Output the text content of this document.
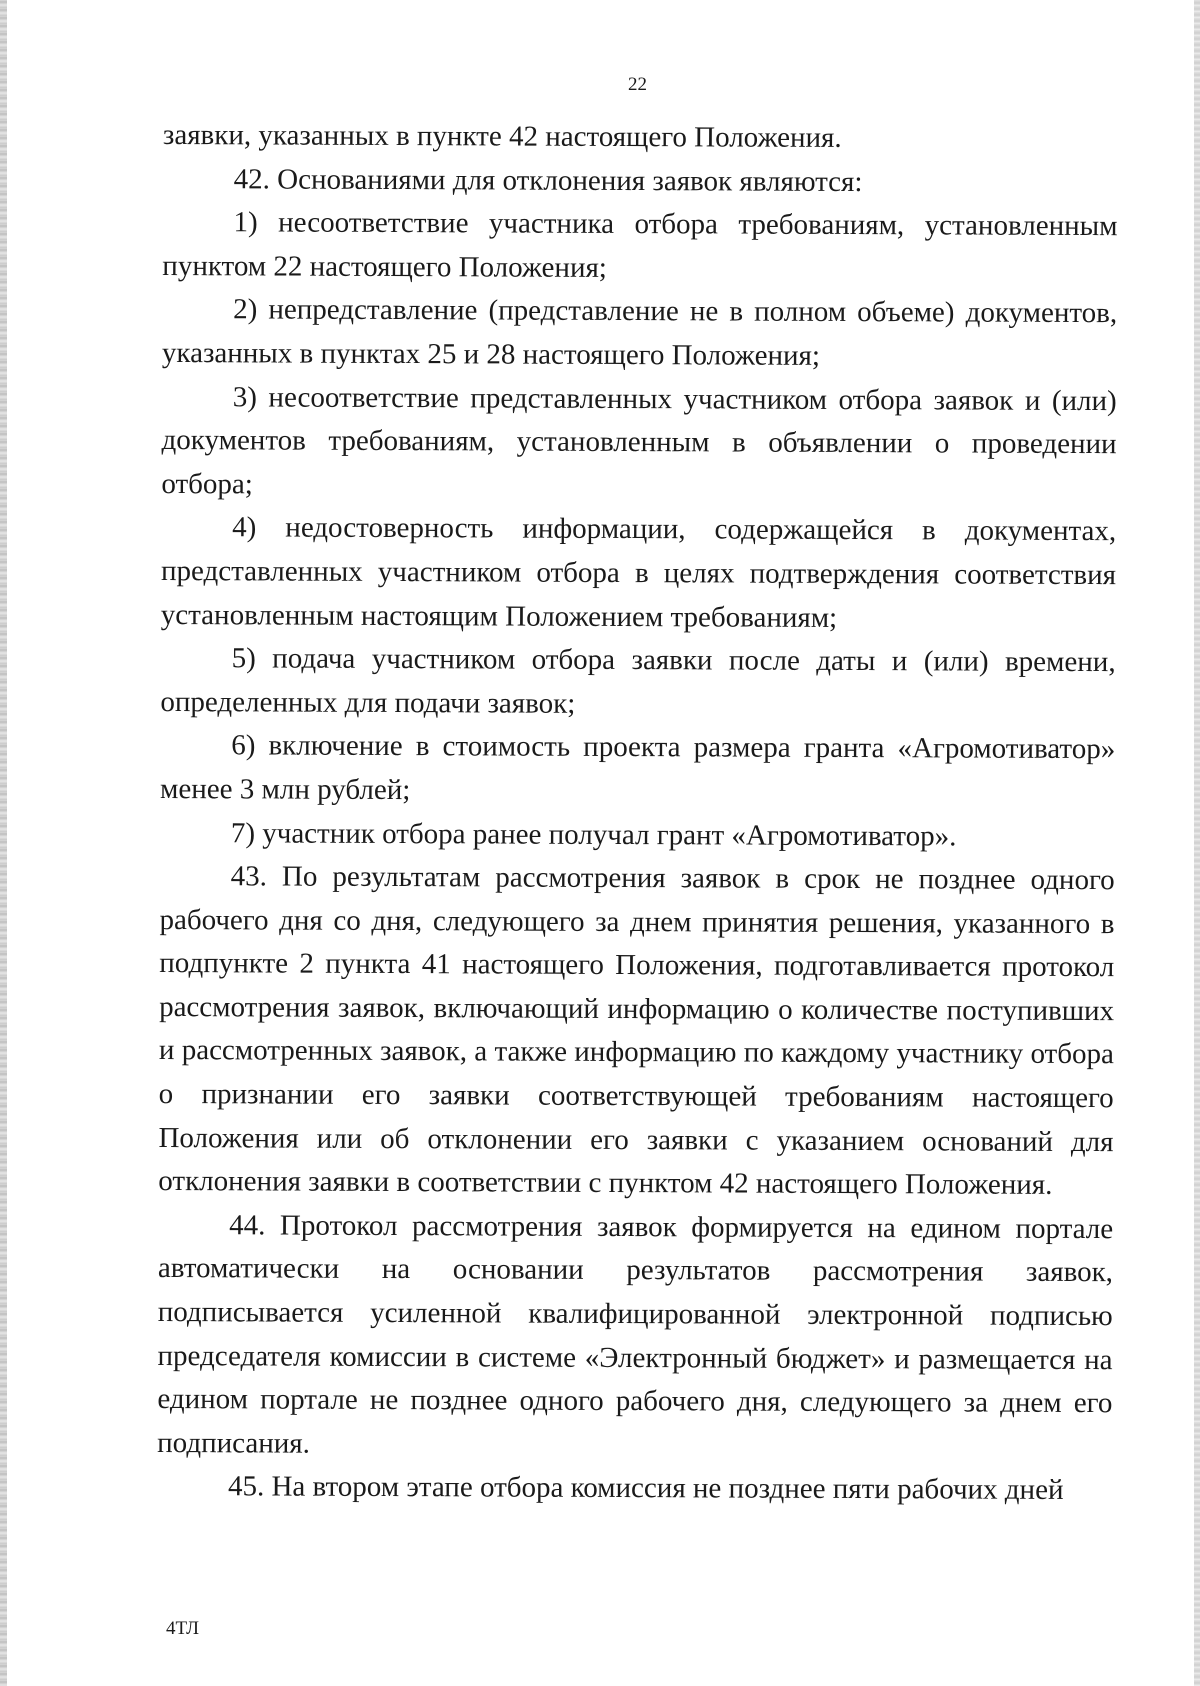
22

заявки, указанных в пункте 42 настоящего Положения.

42. Основаниями для отклонения заявок являются:

1) несоответствие участника отбора требованиям, установленным пунктом 22 настоящего Положения;

2) непредставление (представление не в полном объеме) документов, указанных в пунктах 25 и 28 настоящего Положения;

3) несоответствие представленных участником отбора заявок и (или) документов требованиям, установленным в объявлении о проведении отбора;

4) недостоверность информации, содержащейся в документах, представленных участником отбора в целях подтверждения соответствия установленным настоящим Положением требованиям;

5) подача участником отбора заявки после даты и (или) времени, определенных для подачи заявок;

6) включение в стоимость проекта размера гранта «Агромотиватор» менее 3 млн рублей;

7) участник отбора ранее получал грант «Агромотиватор».

43. По результатам рассмотрения заявок в срок не позднее одного рабочего дня со дня, следующего за днем принятия решения, указанного в подпункте 2 пункта 41 настоящего Положения, подготавливается протокол рассмотрения заявок, включающий информацию о количестве поступивших и рассмотренных заявок, а также информацию по каждому участнику отбора о признании его заявки соответствующей требованиям настоящего Положения или об отклонении его заявки с указанием оснований для отклонения заявки в соответствии с пунктом 42 настоящего Положения.

44. Протокол рассмотрения заявок формируется на едином портале автоматически на основании результатов рассмотрения заявок, подписывается усиленной квалифицированной электронной подписью председателя комиссии в системе «Электронный бюджет» и размещается на едином портале не позднее одного рабочего дня, следующего за днем его подписания.

45. На втором этапе отбора комиссия не позднее пяти рабочих дней

4ТЛ
